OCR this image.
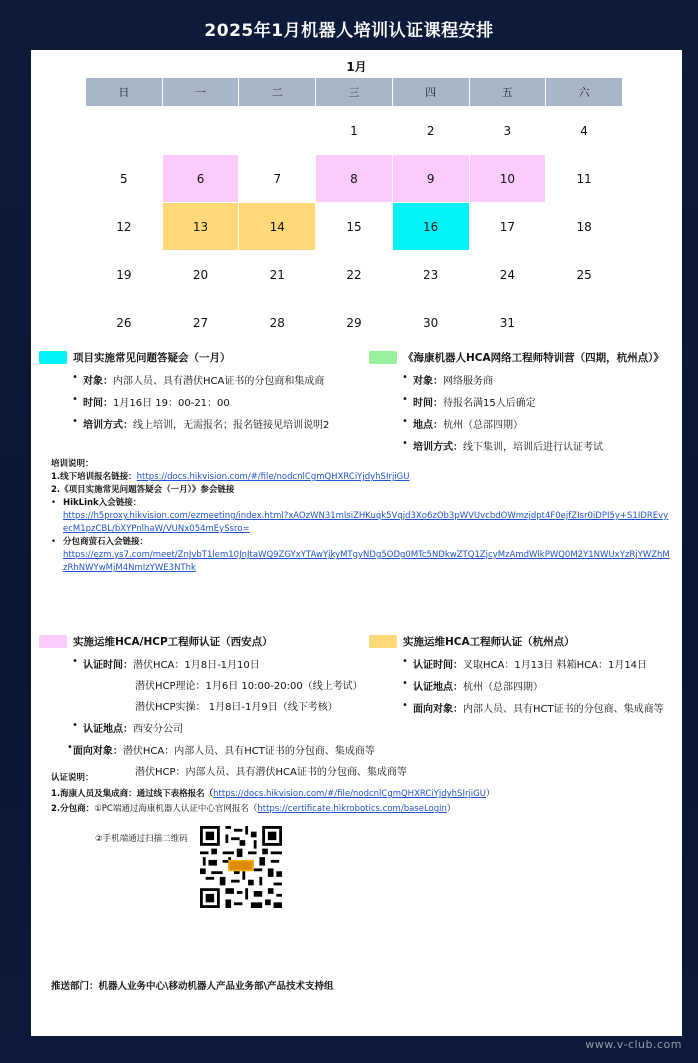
2025年1月机器人培训认证课程安排
1月
日	一	二	三	四	五	六
			1	2	3	4
5	6	7	8	9	10	11
12	13	14	15	16	17	18
19	20	21	22	23	24	25
26	27	28	29	30	31	
项目实施常见问题答疑会（一月）
• 对象： 内部人员、具有潜伏HCA证书的分包商和集成商
• 时间： 1月16日 19：00-21：00
• 培训方式： 线上培训，无需报名；报名链接见培训说明2
《海康机器人HCA网络工程师特训营（四期，杭州点）》
• 对象： 网络服务商
• 时间： 待报名满15人后确定
• 地点： 杭州（总部四期）
• 培训方式： 线下集训，培训后进行认证考试
培训说明：
1.线下培训报名链接：https://docs.hikvision.com/#/file/nodcnlCgmQHXRCiYjdyhSIrjiGU
2.《项目实施常见问题答疑会（一月）》参会链接
• HikLink入会链接：
https://h5proxy.hikvision.com/ezmeeting/index.html?xAOzWN31mlsiZHKuqk5Vqjd3Xo6zOb3pWVUvcbdOWmzjdpt4F0ejfZIsr0iDPI5y+S1IDREvyecM1pzCBL/bXYPnlhaW/VUNx054mEySsro=
• 分包商萤石入会链接：
https://ezm.ys7.com/meet/ZnJvbT1lem10JnJtaWQ9ZGYxYTAwYjkyMTgyNDg5ODg0MTc5NDkwZTQ1ZjcyMzAmdWlkPWQ0M2Y1NWUxYzRjYWZhMzRhNWYwMjM4NmIzYWE3NThk
实施运维HCA/HCP工程师认证（西安点）
• 认证时间： 潜伏HCA：1月8日-1月10日
潜伏HCP理论：1月6日 10:00-20:00（线上考试）
潜伏HCP实操： 1月8日-1月9日（线下考核）
• 认证地点： 西安分公司
• 面向对象： 潜伏HCA：内部人员、具有HCT证书的分包商、集成商等
潜伏HCP：内部人员、具有潜伏HCA证书的分包商、集成商等
实施运维HCA工程师认证（杭州点）
• 认证时间： 叉取HCA：1月13日 料箱HCA：1月14日
• 认证地点： 杭州（总部四期）
• 面向对象： 内部人员、具有HCT证书的分包商、集成商等
认证说明：
1.海康人员及集成商：通过线下表格报名（https://docs.hikvision.com/#/file/nodcnlCgmQHXRCiYjdyhSIrjiGU）
2.分包商：①PC端通过海康机器人认证中心官网报名（https://certificate.hikrobotics.com/baseLogin）
②手机端通过扫描二维码
推送部门：机器人业务中心\移动机器人产品业务部\产品技术支持组
@海康机器人认证小助手
www.v-club.com
